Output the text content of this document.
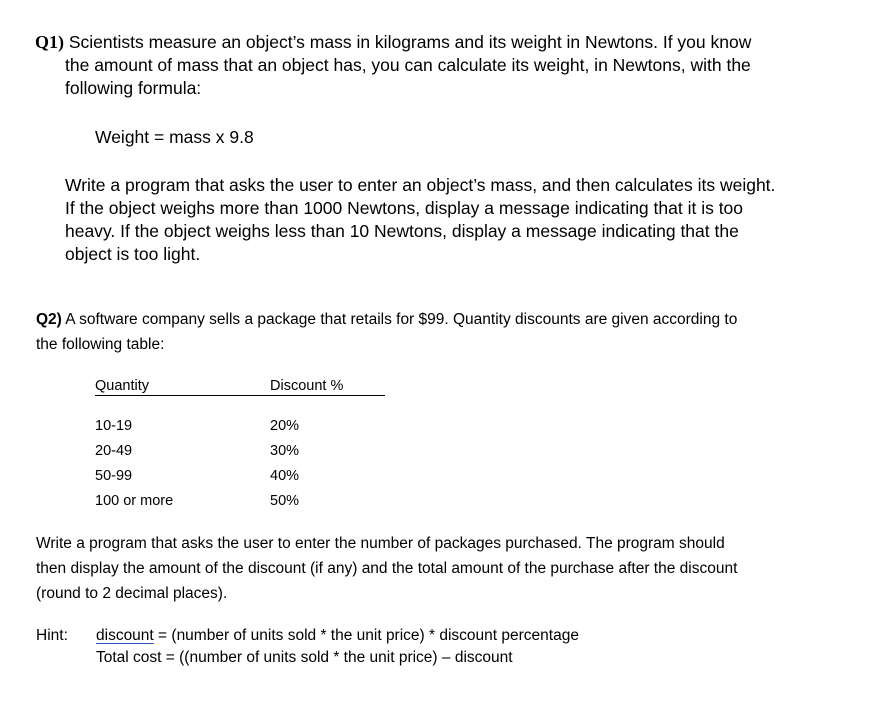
Q1) Scientists measure an object’s mass in kilograms and its weight in Newtons. If you know
the amount of mass that an object has, you can calculate its weight, in Newtons, with the
following formula:
Weight = mass x 9.8
Write a program that asks the user to enter an object’s mass, and then calculates its weight.
If the object weighs more than 1000 Newtons, display a message indicating that it is too
heavy. If the object weighs less than 10 Newtons, display a message indicating that the
object is too light.
Q2) A software company sells a package that retails for $99. Quantity discounts are given according to
the following table:
Quantity	Discount %
10-19	20%
20-49	30%
50-99	40%
100 or more	50%
Write a program that asks the user to enter the number of packages purchased. The program should
then display the amount of the discount (if any) and the total amount of the purchase after the discount
(round to 2 decimal places).
Hint: discount = (number of units sold * the unit price) * discount percentage
Total cost = ((number of units sold * the unit price) – discount
